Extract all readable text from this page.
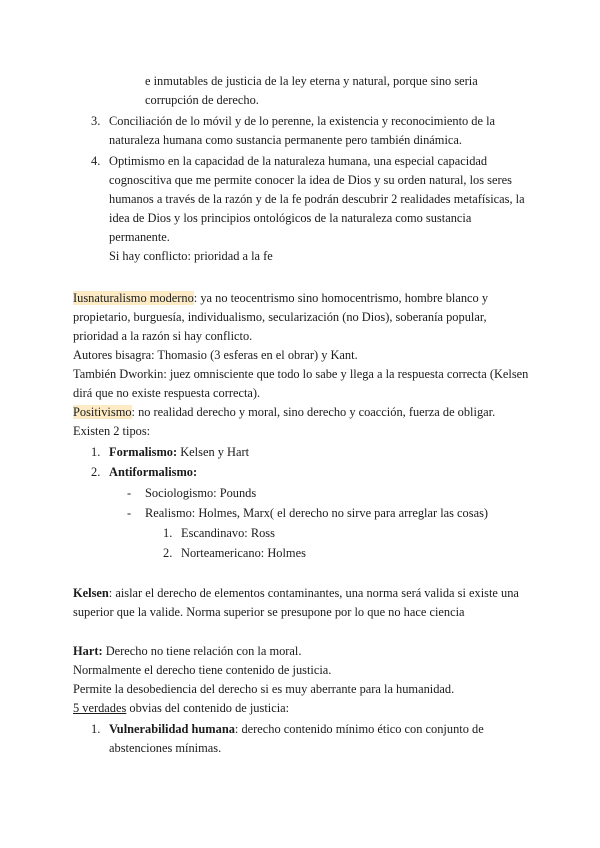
e inmutables de justicia de la ley eterna y natural, porque sino seria
corrupción de derecho.
3. Conciliación de lo móvil y de lo perenne, la existencia y reconocimiento de la
naturaleza humana como sustancia permanente pero también dinámica.
4. Optimismo en la capacidad de la naturaleza humana, una especial capacidad
cognoscitiva que me permite conocer la idea de Dios y su orden natural, los seres
humanos a través de la razón y de la fe podrán descubrir 2 realidades metafísicas, la
idea de Dios y los principios ontológicos de la naturaleza como sustancia
permanente.
Si hay conflicto: prioridad a la fe
Iusnaturalismo moderno: ya no teocentrismo sino homocentrismo, hombre blanco y
propietario, burguesía, individualismo, secularización (no Dios), soberanía popular,
prioridad a la razón si hay conflicto.
Autores bisagra: Thomasio (3 esferas en el obrar) y Kant.
También Dworkin: juez omnisciente que todo lo sabe y llega a la respuesta correcta (Kelsen
dirá que no existe respuesta correcta).
Positivismo: no realidad derecho y moral, sino derecho y coacción, fuerza de obligar.
Existen 2 tipos:
1. Formalismo: Kelsen y Hart
2. Antiformalismo:
- Sociologismo: Pounds
- Realismo: Holmes, Marx( el derecho no sirve para arreglar las cosas)
1. Escandinavo: Ross
2. Norteamericano: Holmes
Kelsen: aislar el derecho de elementos contaminantes, una norma será valida si existe una
superior que la valide. Norma superior se presupone por lo que no hace ciencia
Hart: Derecho no tiene relación con la moral.
Normalmente el derecho tiene contenido de justicia.
Permite la desobediencia del derecho si es muy aberrante para la humanidad.
5 verdades obvias del contenido de justicia:
1. Vulnerabilidad humana: derecho contenido mínimo ético con conjunto de
abstenciones mínimas.
